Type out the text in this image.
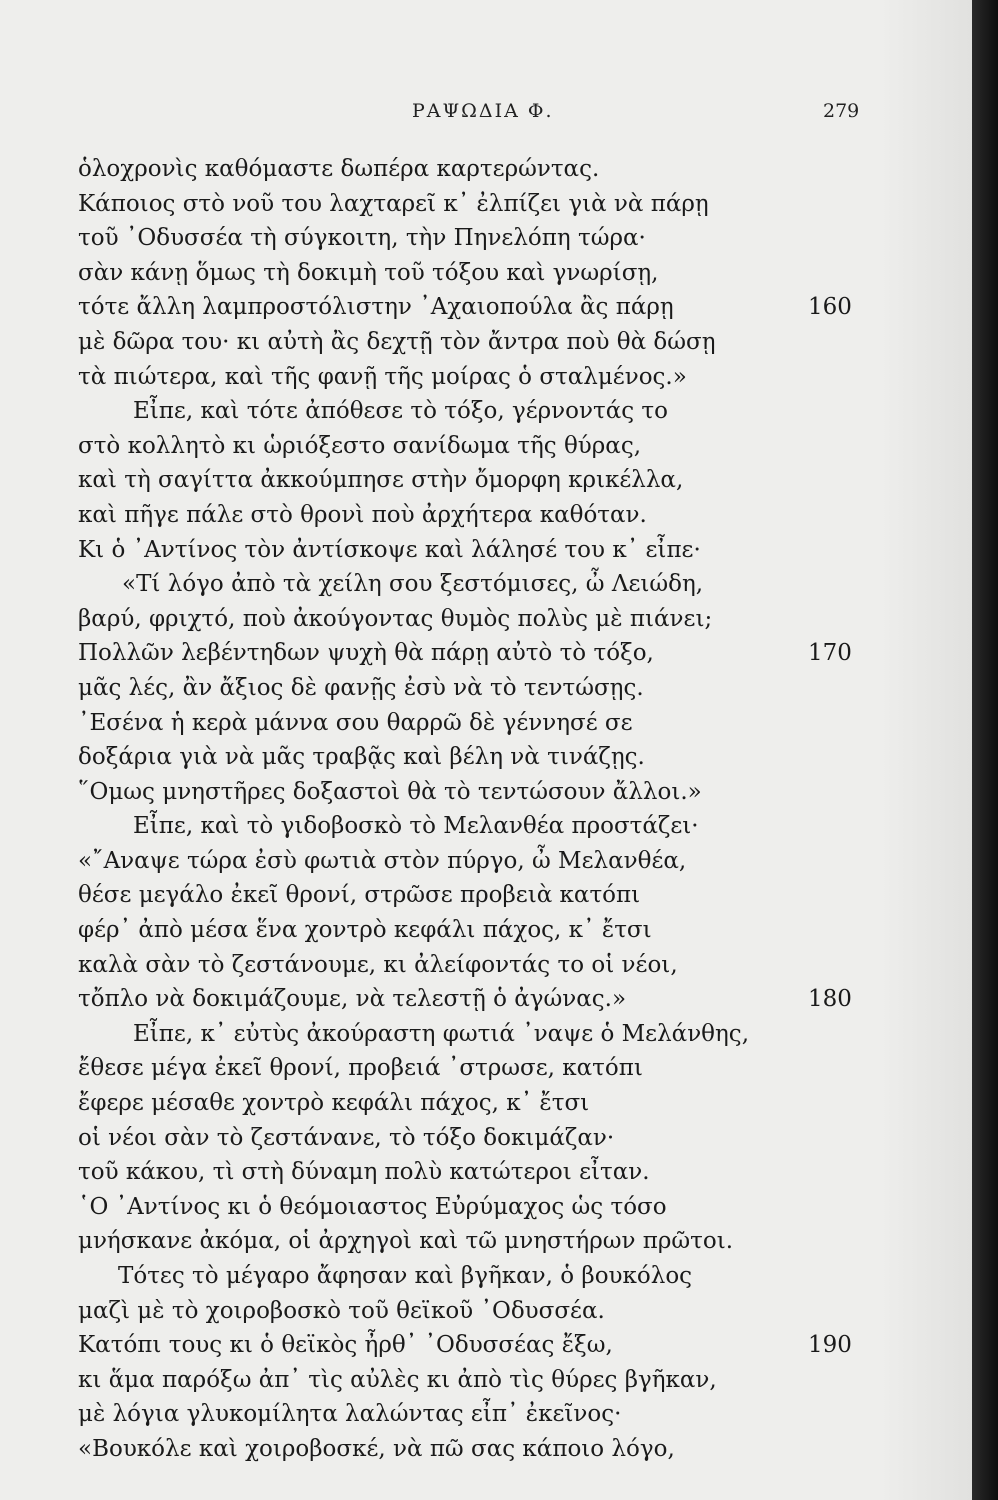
ΡΑΨΩΔΙΑ Φ.	279
ὁλοχρονὶς καθόμαστε δωπέρα καρτερώντας.
Κάποιος στὸ νοῦ του λαχταρεῖ κ᾽ ἐλπίζει γιὰ νὰ πάρῃ
τοῦ ᾽Οδυσσέα τὴ σύγκοιτη, τὴν Πηνελόπη τώρα·
σὰν κάνῃ ὅμως τὴ δοκιμὴ τοῦ τόξου καὶ γνωρίσῃ,
τότε ἄλλη λαμπροστόλιστην ᾽Αχαιοπούλα ἂς πάρῃ	160
μὲ δῶρα του· κι αὐτὴ ἂς δεχτῇ τὸν ἄντρα ποὺ θὰ δώσῃ
τὰ πιώτερα, καὶ τῆς φανῇ τῆς μοίρας ὁ σταλμένος.»
Εἶπε, καὶ τότε ἀπόθεσε τὸ τόξο, γέρνοντάς το
στὸ κολλητὸ κι ὡριόξεστο σανίδωμα τῆς θύρας,
καὶ τὴ σαγίττα ἀκκούμπησε στὴν ὄμορφη κρικέλλα,
καὶ πῆγε πάλε στὸ θρονὶ ποὺ ἀρχήτερα καθόταν.
Κι ὁ ᾽Αντίνος τὸν ἀντίσκοψε καὶ λάλησέ του κ᾽ εἶπε·
«Τί λόγο ἀπὸ τὰ χείλη σου ξεστόμισες, ὦ Λειώδη,
βαρύ, φριχτό, ποὺ ἀκούγοντας θυμὸς πολὺς μὲ πιάνει;
Πολλῶν λεβέντηδων ψυχὴ θὰ πάρῃ αὐτὸ τὸ τόξο,	170
μᾶς λές, ἂν ἄξιος δὲ φανῇς ἐσὺ νὰ τὸ τεντώσῃς.
᾽Εσένα ἡ κερὰ μάννα σου θαρρῶ δὲ γέννησέ σε
δοξάρια γιὰ νὰ μᾶς τραβᾷς καὶ βέλη νὰ τινάζῃς.
῞Ομως μνηστῆρες δοξαστοὶ θὰ τὸ τεντώσουν ἄλλοι.»
Εἶπε, καὶ τὸ γιδοβοσκὸ τὸ Μελανθέα προστάζει·
«῎Αναψε τώρα ἐσὺ φωτιὰ στὸν πύργο, ὦ Μελανθέα,
θέσε μεγάλο ἐκεῖ θρονί, στρῶσε προβειὰ κατόπι
φέρ᾽ ἀπὸ μέσα ἕνα χοντρὸ κεφάλι πάχος, κ᾽ ἔτσι
καλὰ σὰν τὸ ζεστάνουμε, κι ἀλείφοντάς το οἱ νέοι,
τὄπλο νὰ δοκιμάζουμε, νὰ τελεστῇ ὁ ἀγώνας.»	180
Εἶπε, κ᾽ εὐτὺς ἀκούραστη φωτιά ᾽ναψε ὁ Μελάνθης,
ἔθεσε μέγα ἐκεῖ θρονί, προβειά ᾽στρωσε, κατόπι
ἔφερε μέσαθε χοντρὸ κεφάλι πάχος, κ᾽ ἔτσι
οἱ νέοι σὰν τὸ ζεστάνανε, τὸ τόξο δοκιμάζαν·
τοῦ κάκου, τὶ στὴ δύναμη πολὺ κατώτεροι εἶταν.
῾Ο ᾽Αντίνος κι ὁ θεόμοιαστος Εὐρύμαχος ὡς τόσο
μνήσκανε ἀκόμα, οἱ ἀρχηγοὶ καὶ τῶ μνηστήρων πρῶτοι.
Τότες τὸ μέγαρο ἄφησαν καὶ βγῆκαν, ὁ βουκόλος
μαζὶ μὲ τὸ χοιροβοσκὸ τοῦ θεϊκοῦ ᾽Οδυσσέα.
Κατόπι τους κι ὁ θεϊκὸς ἦρθ᾽ ᾽Οδυσσέας ἔξω,	190
κι ἅμα παρόξω ἀπ᾽ τὶς αὐλὲς κι ἀπὸ τὶς θύρες βγῆκαν,
μὲ λόγια γλυκομίλητα λαλώντας εἶπ᾽ ἐκεῖνος·
«Βουκόλε καὶ χοιροβοσκέ, νὰ πῶ σας κάποιο λόγο,
